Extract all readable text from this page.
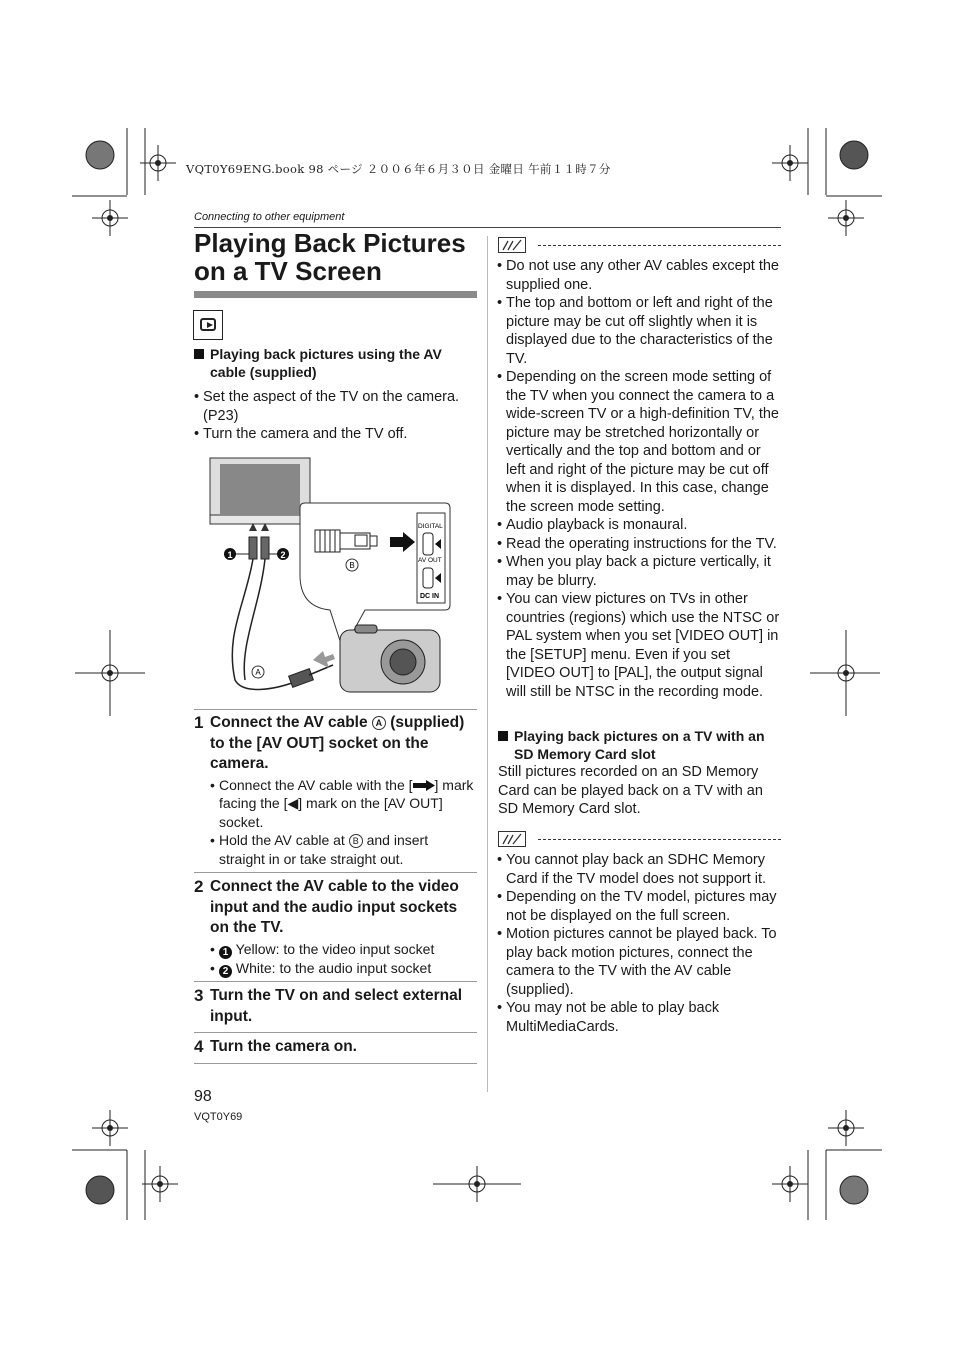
VQT0Y69ENG.book 98 ページ ２００６年６月３０日 金曜日 午前１１時７分
Connecting to other equipment
Playing Back Pictures
on a TV Screen
Playing back pictures using the AV cable (supplied)
• Set the aspect of the TV on the camera. (P23)
• Turn the camera and the TV off.
1	2
B
A
DIGITAL
AV OUT
DC IN
1 Connect the AV cable A (supplied) to the [AV OUT] socket on the camera.
• Connect the AV cable with the [ ] mark facing the [◀] mark on the [AV OUT] socket.
• Hold the AV cable at B and insert straight in or take straight out.
2 Connect the AV cable to the video input and the audio input sockets on the TV.
• 1 Yellow: to the video input socket
• 2 White: to the audio input socket
3 Turn the TV on and select external input.
4 Turn the camera on.
• Do not use any other AV cables except the supplied one.
• The top and bottom or left and right of the picture may be cut off slightly when it is displayed due to the characteristics of the TV.
• Depending on the screen mode setting of the TV when you connect the camera to a wide-screen TV or a high-definition TV, the picture may be stretched horizontally or vertically and the top and bottom and or left and right of the picture may be cut off when it is displayed. In this case, change the screen mode setting.
• Audio playback is monaural.
• Read the operating instructions for the TV.
• When you play back a picture vertically, it may be blurry.
• You can view pictures on TVs in other countries (regions) which use the NTSC or PAL system when you set [VIDEO OUT] in the [SETUP] menu. Even if you set [VIDEO OUT] to [PAL], the output signal will still be NTSC in the recording mode.
Playing back pictures on a TV with an SD Memory Card slot
Still pictures recorded on an SD Memory Card can be played back on a TV with an SD Memory Card slot.
• You cannot play back an SDHC Memory Card if the TV model does not support it.
• Depending on the TV model, pictures may not be displayed on the full screen.
• Motion pictures cannot be played back. To play back motion pictures, connect the camera to the TV with the AV cable (supplied).
• You may not be able to play back MultiMediaCards.
98
VQT0Y69
